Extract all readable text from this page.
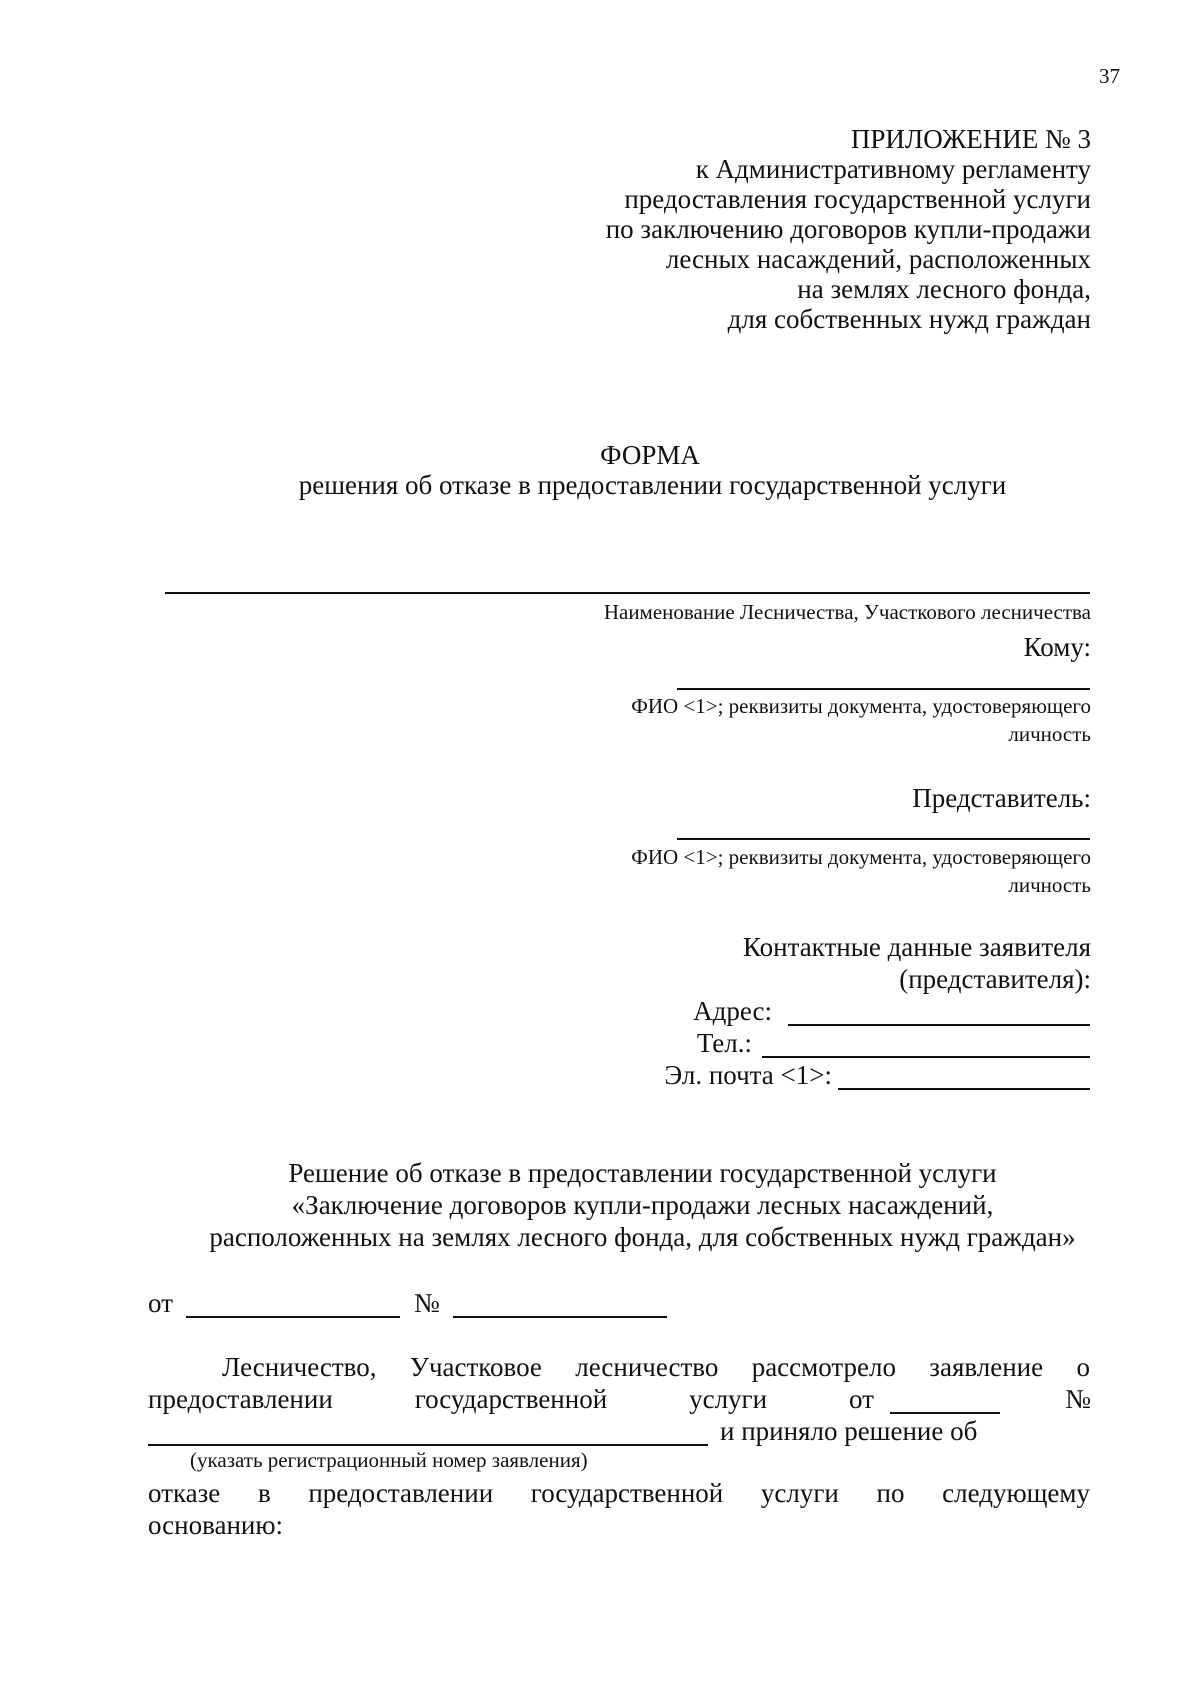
37
ПРИЛОЖЕНИЕ № 3
к Административному регламенту
предоставления государственной услуги
по заключению договоров купли-продажи
лесных насаждений, расположенных
на землях лесного фонда,
для собственных нужд граждан
ФОРМА
решения об отказе в предоставлении государственной услуги
Наименование Лесничества, Участкового лесничества
Кому:
ФИО <1>; реквизиты документа, удостоверяющего
личность
Представитель:
ФИО <1>; реквизиты документа, удостоверяющего
личность
Контактные данные заявителя
(представителя):
Адрес:
Тел.:
Эл. почта <1>:
Решение об отказе в предоставлении государственной услуги
«Заключение договоров купли-продажи лесных насаждений,
расположенных на землях лесного фонда, для собственных нужд граждан»
от	№
Лесничество, Участковое лесничество рассмотрело заявление о
предоставлении	государственной	услуги	от	№
и приняло решение об
(указать регистрационный номер заявления)
отказе в предоставлении государственной услуги по следующему
основанию:
